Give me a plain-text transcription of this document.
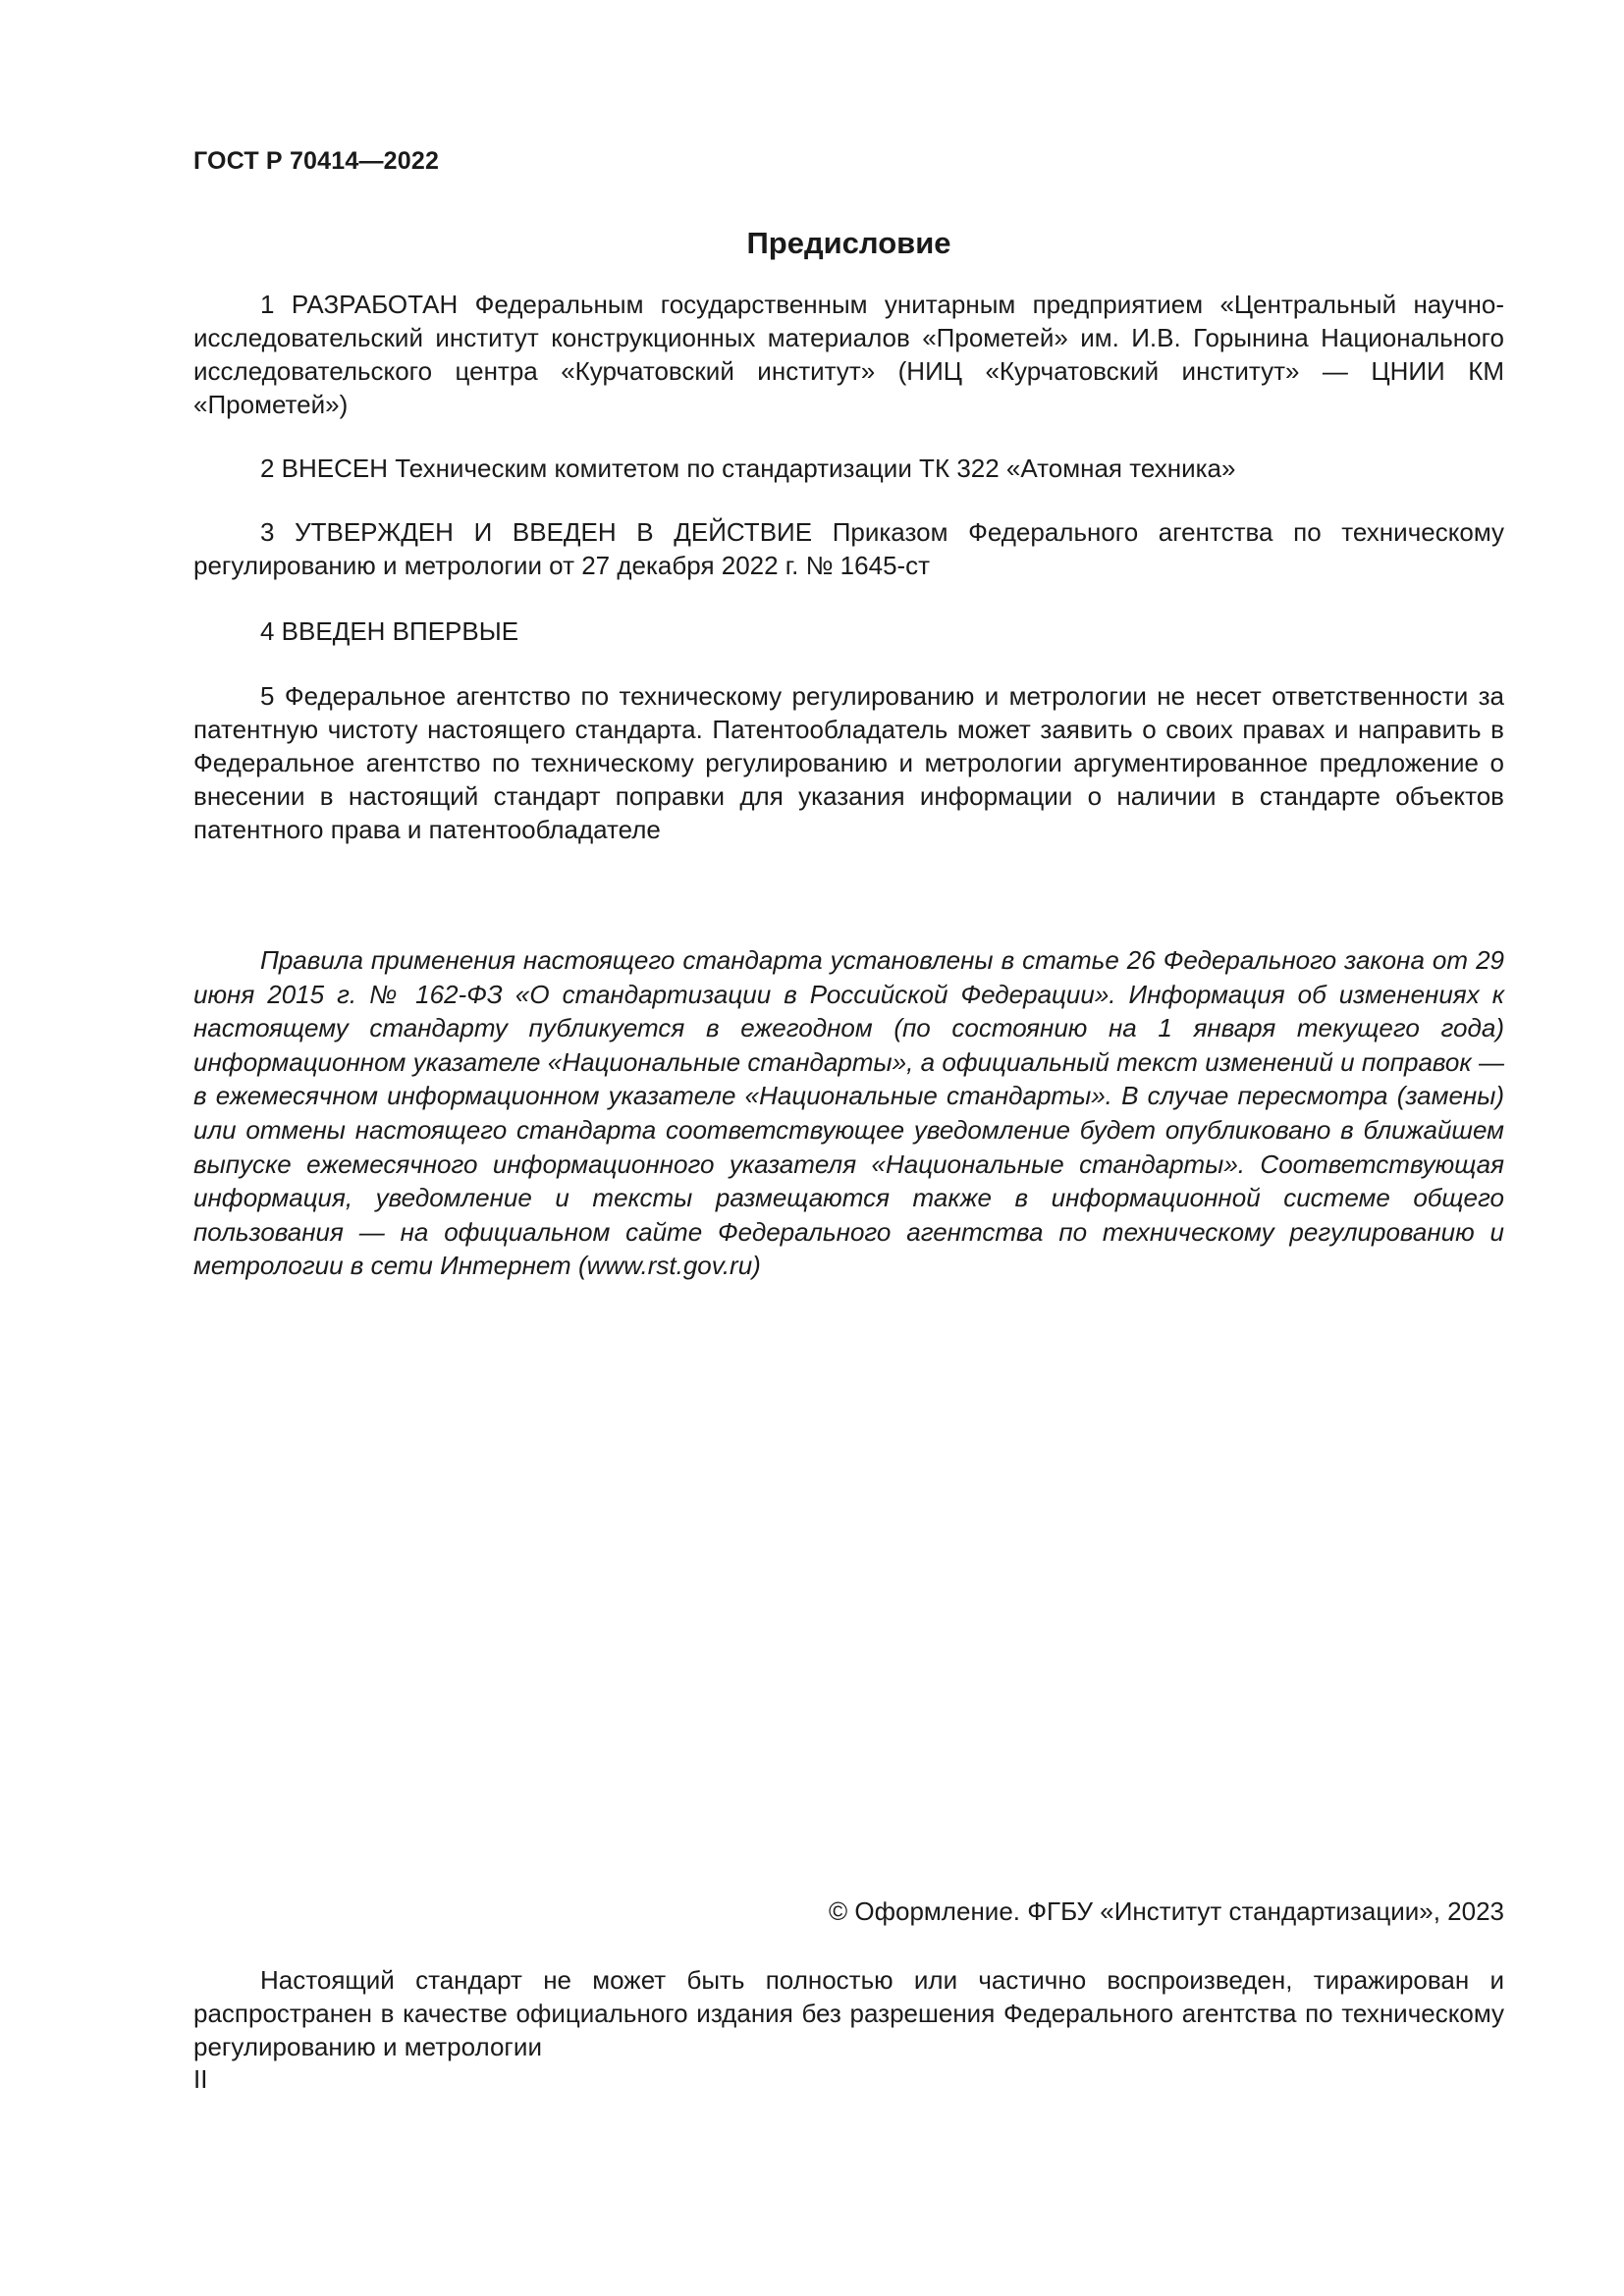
ГОСТ Р 70414—2022
Предисловие

1 РАЗРАБОТАН Федеральным государственным унитарным предприятием «Центральный научно-исследовательский институт конструкционных материалов «Прометей» им. И.В. Горынина Национального исследовательского центра «Курчатовский институт» (НИЦ «Курчатовский институт» — ЦНИИ КМ «Прометей»)

2 ВНЕСЕН Техническим комитетом по стандартизации ТК 322 «Атомная техника»

3 УТВЕРЖДЕН И ВВЕДЕН В ДЕЙСТВИЕ Приказом Федерального агентства по техническому регулированию и метрологии от 27 декабря 2022 г. № 1645-ст

4 ВВЕДЕН ВПЕРВЫЕ

5 Федеральное агентство по техническому регулированию и метрологии не несет ответственности за патентную чистоту настоящего стандарта. Патентообладатель может заявить о своих правах и направить в Федеральное агентство по техническому регулированию и метрологии аргументированное предложение о внесении в настоящий стандарт поправки для указания информации о наличии в стандарте объектов патентного права и патентообладателе

Правила применения настоящего стандарта установлены в статье 26 Федерального закона от 29 июня 2015 г. № 162-ФЗ «О стандартизации в Российской Федерации». Информация об изменениях к настоящему стандарту публикуется в ежегодном (по состоянию на 1 января текущего года) информационном указателе «Национальные стандарты», а официальный текст изменений и поправок — в ежемесячном информационном указателе «Национальные стандарты». В случае пересмотра (замены) или отмены настоящего стандарта соответствующее уведомление будет опубликовано в ближайшем выпуске ежемесячного информационного указателя «Национальные стандарты». Соответствующая информация, уведомление и тексты размещаются также в информационной системе общего пользования — на официальном сайте Федерального агентства по техническому регулированию и метрологии в сети Интернет (www.rst.gov.ru)

© Оформление. ФГБУ «Институт стандартизации», 2023

Настоящий стандарт не может быть полностью или частично воспроизведен, тиражирован и распространен в качестве официального издания без разрешения Федерального агентства по техническому регулированию и метрологии

II
